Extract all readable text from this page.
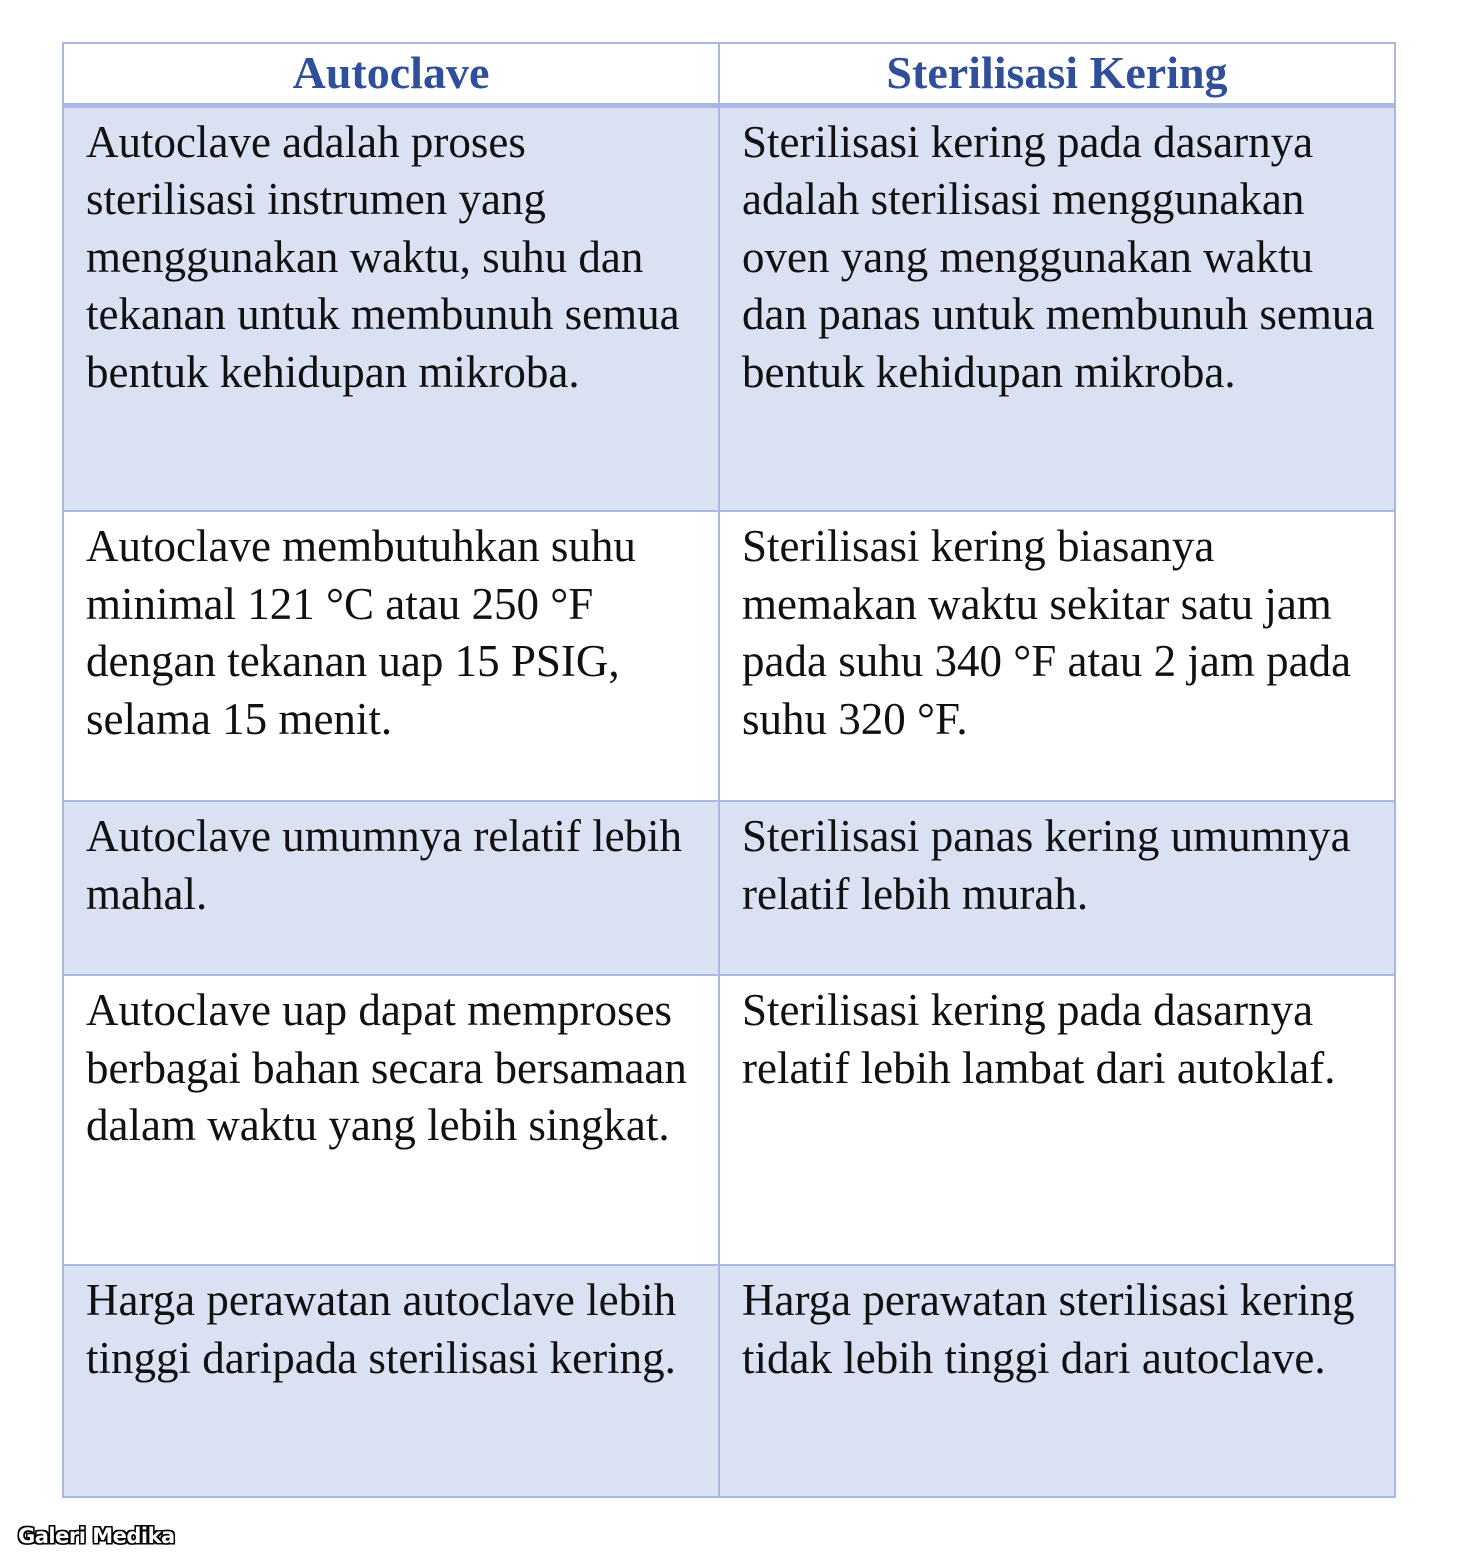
Autoclave	Sterilisasi Kering
Autoclave adalah proses sterilisasi instrumen yang menggunakan waktu, suhu dan tekanan untuk membunuh semua bentuk kehidupan mikroba.	Sterilisasi kering pada dasarnya adalah sterilisasi menggunakan oven yang menggunakan waktu dan panas untuk membunuh semua bentuk kehidupan mikroba.
Autoclave membutuhkan suhu minimal 121 °C atau 250 °F dengan tekanan uap 15 PSIG, selama 15 menit.	Sterilisasi kering biasanya memakan waktu sekitar satu jam pada suhu 340 °F atau 2 jam pada suhu 320 °F.
Autoclave umumnya relatif lebih mahal.	Sterilisasi panas kering umumnya relatif lebih murah.
Autoclave uap dapat memproses berbagai bahan secara bersamaan dalam waktu yang lebih singkat.	Sterilisasi kering pada dasarnya relatif lebih lambat dari autoklaf.
Harga perawatan autoclave lebih tinggi daripada sterilisasi kering.	Harga perawatan sterilisasi kering tidak lebih tinggi dari autoclave.
Galeri Medika
